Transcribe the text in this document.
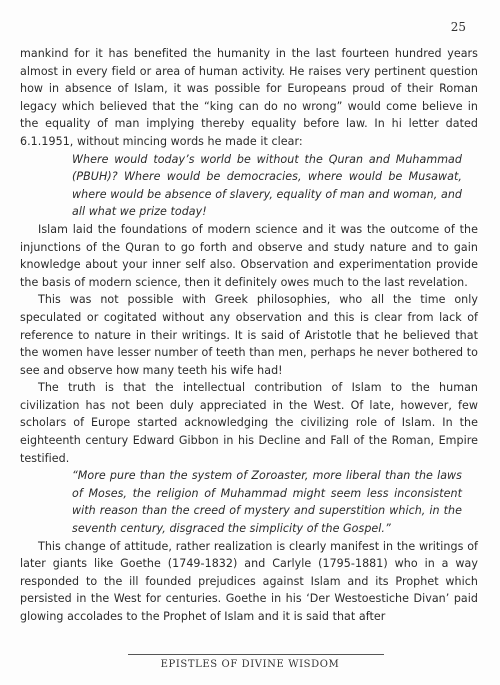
25

mankind for it has benefited the humanity in the last fourteen hundred years almost in every field or area of human activity. He raises very pertinent question how in absence of Islam, it was possible for Europeans proud of their Roman legacy which believed that the “king can do no wrong” would come believe in the equality of man implying thereby equality before law. In hi letter dated 6.1.1951, without mincing words he made it clear:

Where would today’s world be without the Quran and Muhammad (PBUH)? Where would be democracies, where would be Musawat, where would be absence of slavery, equality of man and woman, and all what we prize today!

Islam laid the foundations of modern science and it was the outcome of the injunctions of the Quran to go forth and observe and study nature and to gain knowledge about your inner self also. Observation and experimentation provide the basis of modern science, then it definitely owes much to the last revelation.

This was not possible with Greek philosophies, who all the time only speculated or cogitated without any observation and this is clear from lack of reference to nature in their writings. It is said of Aristotle that he believed that the women have lesser number of teeth than men, perhaps he never bothered to see and observe how many teeth his wife had!

The truth is that the intellectual contribution of Islam to the human civilization has not been duly appreciated in the West. Of late, however, few scholars of Europe started acknowledging the civilizing role of Islam. In the eighteenth century Edward Gibbon in his Decline and Fall of the Roman, Empire testified.

“More pure than the system of Zoroaster, more liberal than the laws of Moses, the religion of Muhammad might seem less inconsistent with reason than the creed of mystery and superstition which, in the seventh century, disgraced the simplicity of the Gospel.”

This change of attitude, rather realization is clearly manifest in the writings of later giants like Goethe (1749-1832) and Carlyle (1795-1881) who in a way responded to the ill founded prejudices against Islam and its Prophet which persisted in the West for centuries. Goethe in his ‘Der Westoestiche Divan’ paid glowing accolades to the Prophet of Islam and it is said that after

EPISTLES OF DIVINE WISDOM
